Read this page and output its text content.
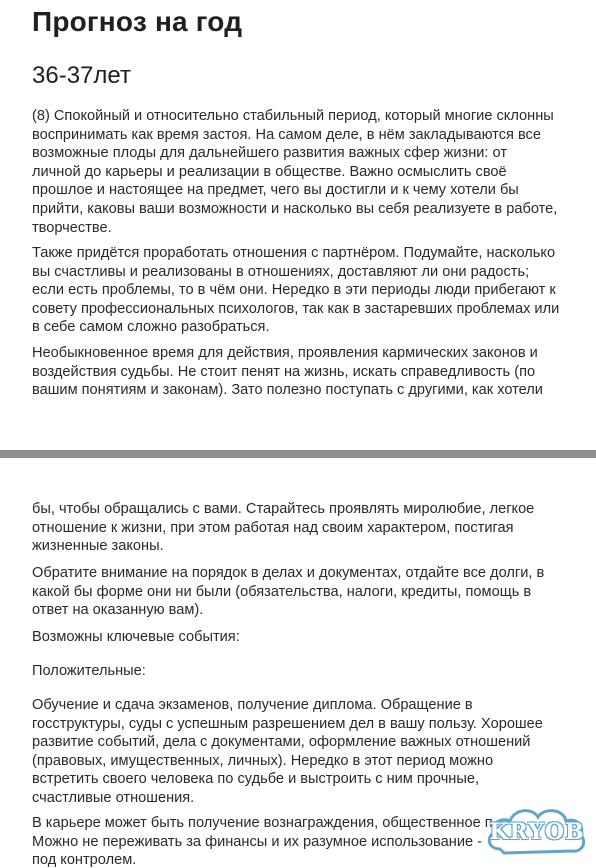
Прогноз на год
36-37лет

(8) Спокойный и относительно стабильный период, который многие склонны
воспринимать как время застоя. На самом деле, в нём закладываются все
возможные плоды для дальнейшего развития важных сфер жизни: от
личной до карьеры и реализации в обществе. Важно осмыслить своё
прошлое и настоящее на предмет, чего вы достигли и к чему хотели бы
прийти, каковы ваши возможности и насколько вы себя реализуете в работе,
творчестве.

Также придётся проработать отношения с партнёром. Подумайте, насколько
вы счастливы и реализованы в отношениях, доставляют ли они радость;
если есть проблемы, то в чём они. Нередко в эти периоды люди прибегают к
совету профессиональных психологов, так как в застаревших проблемах или
в себе самом сложно разобраться.

Необыкновенное время для действия, проявления кармических законов и
воздействия судьбы. Не стоит пенят на жизнь, искать справедливость (по
вашим понятиям и законам). Зато полезно поступать с другими, как хотели

бы, чтобы обращались с вами. Старайтесь проявлять миролюбие, легкое
отношение к жизни, при этом работая над своим характером, постигая
жизненные законы.

Обратите внимание на порядок в делах и документах, отдайте все долги, в
какой бы форме они ни были (обязательства, налоги, кредиты, помощь в
ответ на оказанную вам).

Возможны ключевые события:

Положительные:

Обучение и сдача экзаменов, получение диплома. Обращение в
госструктуры, суды с успешным разрешением дел в вашу пользу. Хорошее
развитие событий, дела с документами, оформление важных отношений
(правовых, имущественных, личных). Нередко в этот период можно
встретить своего человека по судьбе и выстроить с ним прочные,
счастливые отношения.

В карьере может быть получение вознаграждения, общественное п
Можно не переживать за финансы и их разумное использование -
под контролем.

KRYOB
